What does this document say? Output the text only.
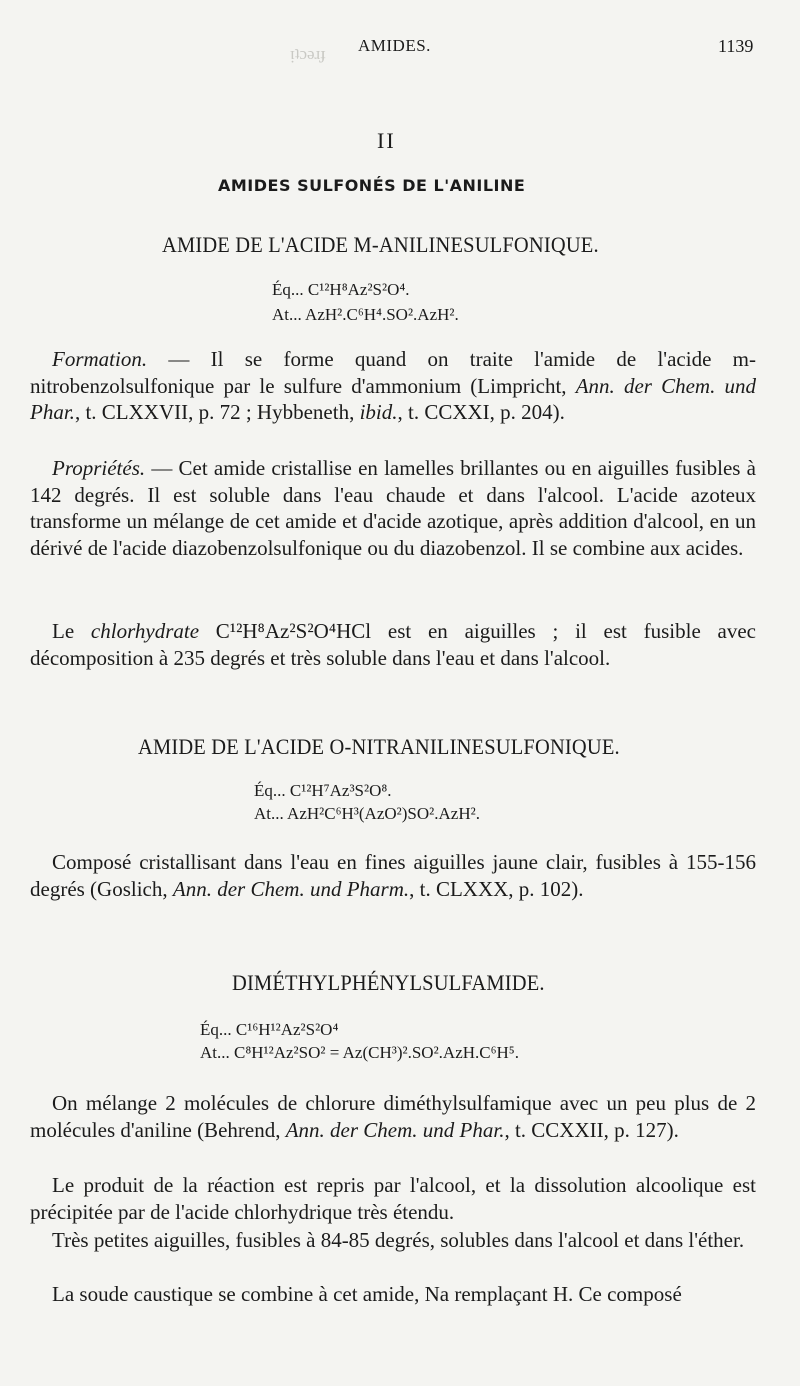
ᴉʇɔǝɹɟ AMIDES.	1139
II
AMIDES SULFONÉS DE L'ANILINE
AMIDE DE L'ACIDE M-ANILINESULFONIQUE.
Éq... C¹²H⁸Az²S²O⁴.
At... AzH².C⁶H⁴.SO².AzH².
Formation. — Il se forme quand on traite l'amide de l'acide m-nitrobenzolsulfonique par le sulfure d'ammonium (Limpricht, Ann. der Chem. und Phar., t. CLXXVII, p. 72 ; Hybbeneth, ibid., t. CCXXI, p. 204).
Propriétés. — Cet amide cristallise en lamelles brillantes ou en aiguilles fusibles à 142 degrés. Il est soluble dans l'eau chaude et dans l'alcool. L'acide azoteux transforme un mélange de cet amide et d'acide azotique, après addition d'alcool, en un dérivé de l'acide diazobenzolsulfonique ou du diazobenzol. Il se combine aux acides.
Le chlorhydrate C¹²H⁸Az²S²O⁴HCl est en aiguilles ; il est fusible avec décomposition à 235 degrés et très soluble dans l'eau et dans l'alcool.
AMIDE DE L'ACIDE O-NITRANILINESULFONIQUE.
Éq... C¹²H⁷Az³S²O⁸.
At... AzH²C⁶H³(AzO²)SO².AzH².
Composé cristallisant dans l'eau en fines aiguilles jaune clair, fusibles à 155-156 degrés (Goslich, Ann. der Chem. und Pharm., t. CLXXX, p. 102).
DIMÉTHYLPHÉNYLSULFAMIDE.
Éq... C¹⁶H¹²Az²S²O⁴
At... C⁸H¹²Az²SO² = Az(CH³)².SO².AzH.C⁶H⁵.
On mélange 2 molécules de chlorure diméthylsulfamique avec un peu plus de 2 molécules d'aniline (Behrend, Ann. der Chem. und Phar., t. CCXXII, p. 127).
Le produit de la réaction est repris par l'alcool, et la dissolution alcoolique est précipitée par de l'acide chlorhydrique très étendu.
Très petites aiguilles, fusibles à 84-85 degrés, solubles dans l'alcool et dans l'éther.
La soude caustique se combine à cet amide, Na remplaçant H. Ce composé
